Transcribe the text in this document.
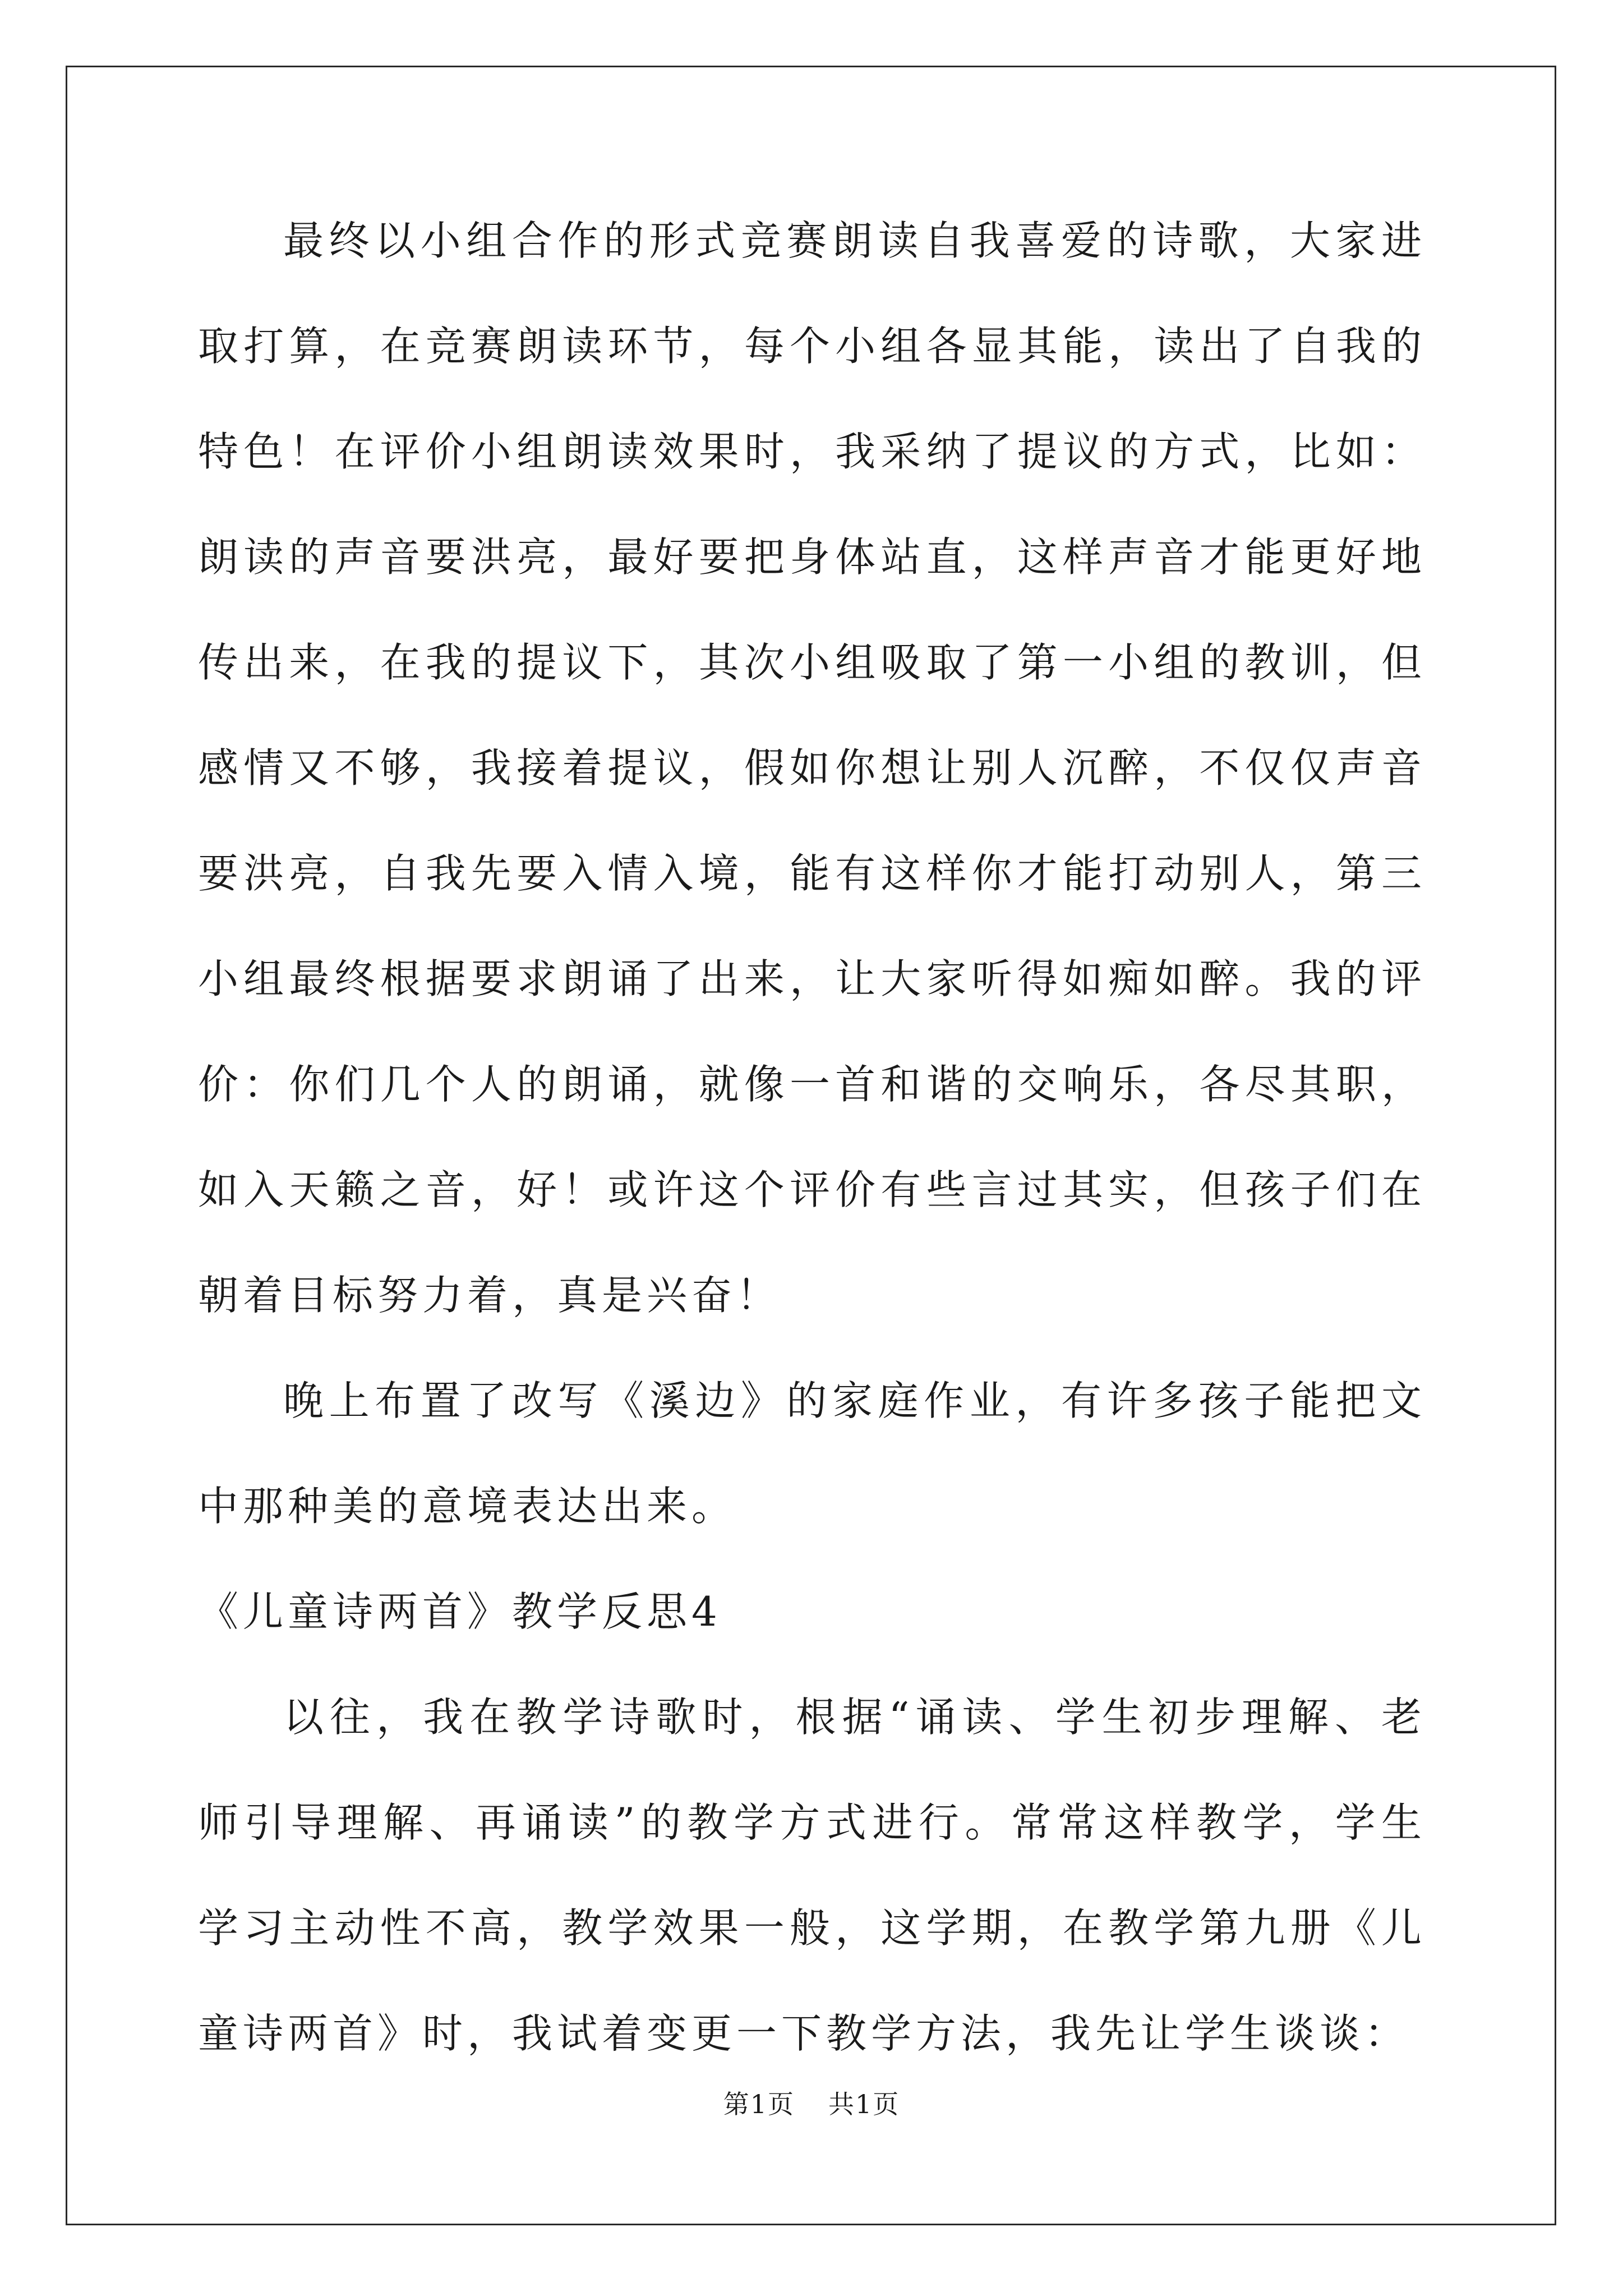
最终以小组合作的形式竞赛朗读自我喜爱的诗歌，大家进取打算，在竞赛朗读环节，每个小组各显其能，读出了自我的特色！在评价小组朗读效果时，我采纳了提议的方式，比如：朗读的声音要洪亮，最好要把身体站直，这样声音才能更好地传出来，在我的提议下，其次小组吸取了第一小组的教训，但感情又不够，我接着提议，假如你想让别人沉醉，不仅仅声音要洪亮，自我先要入情入境，能有这样你才能打动别人，第三小组最终根据要求朗诵了出来，让大家听得如痴如醉。我的评价：你们几个人的朗诵，就像一首和谐的交响乐，各尽其职，如入天籁之音，好！或许这个评价有些言过其实，但孩子们在朝着目标努力着，真是兴奋！

晚上布置了改写《溪边》的家庭作业，有许多孩子能把文中那种美的意境表达出来。

《儿童诗两首》教学反思4

以往，我在教学诗歌时，根据“诵读、学生初步理解、老师引导理解、再诵读”的教学方式进行。常常这样教学，学生学习主动性不高，教学效果一般，这学期，在教学第九册《儿童诗两首》时，我试着变更一下教学方法，我先让学生谈谈：

第1页 共1页
